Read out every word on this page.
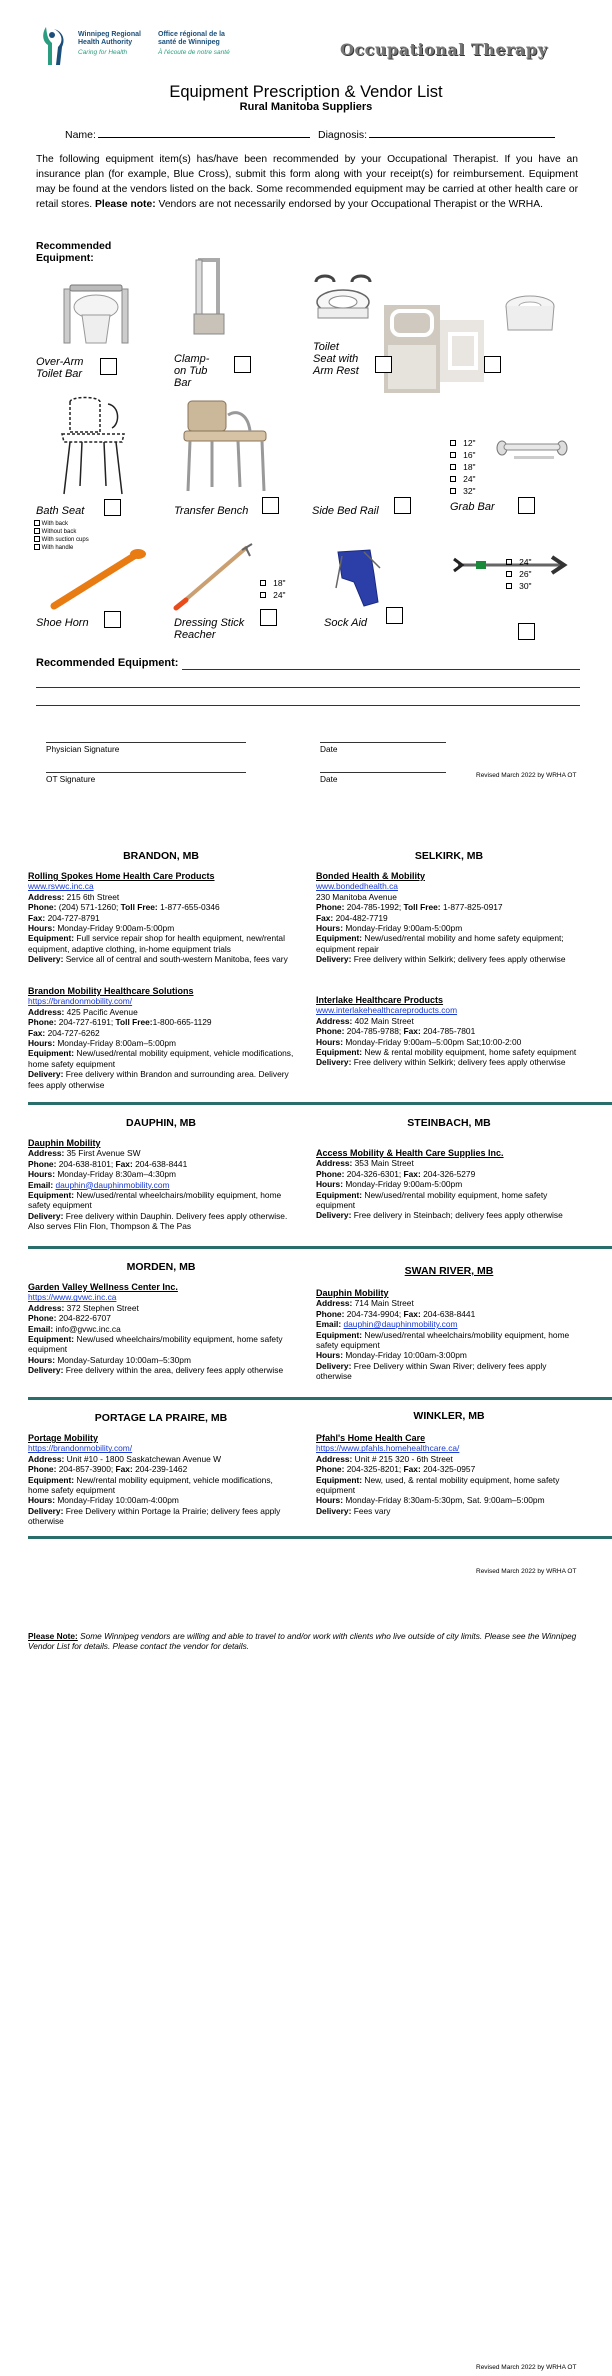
Winnipeg Regional
Health Authority
Office régional de la
santé de Winnipeg
Caring for Health	À l'écoute de notre santé	Occupational Therapy
Equipment Prescription & Vendor List
Rural Manitoba Suppliers
Name:	Diagnosis:
The following equipment item(s) has/have been recommended by your Occupational Therapist. If you have an insurance plan (for example, Blue Cross), submit this form along with your receipt(s) for reimbursement. Equipment may be found at the vendors listed on the back. Some recommended equipment may be carried at other health care or retail stores. Please note: Vendors are not necessarily endorsed by your Occupational Therapist or the WRHA.
Recommended
Equipment:
Over-Arm
Toilet Bar
Clamp-
on Tub
Bar
Toilet
Seat with
Arm Rest
Bath Seat
With back
Without back
With suction cups
With handle
Transfer Bench	Side Bed Rail
12"
16"
18"
24"
32"
Grab Bar
Shoe Horn	Dressing Stick
Reacher
18"
24"
Sock Aid
24"
26"
30"
Recommended Equipment:
Physician Signature	Date
OT Signature	Date	Revised March 2022 by WRHA OT
BRANDON, MB	SELKIRK, MB
Rolling Spokes Home Health Care Products
www.rsvwc.inc.ca
Address: 215 6th Street
Phone: (204) 571-1260; Toll Free: 1-877-655-0346
Fax: 204-727-8791
Hours: Monday-Friday 9:00am-5:00pm
Equipment: Full service repair shop for health equipment, new/rental equipment, adaptive clothing, in-home equipment trials
Delivery: Service all of central and south-western Manitoba, fees vary
Brandon Mobility Healthcare Solutions
https://brandonmobility.com/
Address: 425 Pacific Avenue
Phone: 204-727-6191; Toll Free:1-800-665-1129
Fax: 204-727-6262
Hours: Monday-Friday 8:00am–5:00pm
Equipment: New/used/rental mobility equipment, vehicle modifications, home safety equipment
Delivery: Free delivery within Brandon and surrounding area. Delivery fees apply otherwise
Bonded Health & Mobility
www.bondedhealth.ca
230 Manitoba Avenue
Phone: 204-785-1992; Toll Free: 1-877-825-0917
Fax: 204-482-7719
Hours: Monday-Friday 9:00am-5:00pm
Equipment: New/used/rental mobility and home safety equipment; equipment repair
Delivery: Free delivery within Selkirk; delivery fees apply otherwise
Interlake Healthcare Products
www.interlakehealthcareproducts.com
Address: 402 Main Street
Phone: 204-785-9788; Fax: 204-785-7801
Hours: Monday-Friday 9:00am–5:00pm Sat;10:00-2:00
Equipment: New & rental mobility equipment, home safety equipment
Delivery: Free delivery within Selkirk; delivery fees apply otherwise
DAUPHIN, MB	STEINBACH, MB
Dauphin Mobility
Address: 35 First Avenue SW
Phone: 204-638-8101; Fax: 204-638-8441
Hours: Monday-Friday 8:30am–4:30pm
Email: dauphin@dauphinmobility.com
Equipment: New/used/rental wheelchairs/mobility equipment, home safety equipment
Delivery: Free delivery within Dauphin. Delivery fees apply otherwise. Also serves Flin Flon, Thompson & The Pas
Access Mobility & Health Care Supplies Inc.
Address: 353 Main Street
Phone: 204-326-6301; Fax: 204-326-5279
Hours: Monday-Friday 9:00am-5:00pm
Equipment: New/used/rental mobility equipment, home safety equipment
Delivery: Free delivery in Steinbach; delivery fees apply otherwise
MORDEN, MB	SWAN RIVER, MB
Garden Valley Wellness Center Inc.
https://www.gvwc.inc.ca
Address: 372 Stephen Street
Phone: 204-822-6707
Email: info@gvwc.inc.ca
Equipment: New/used wheelchairs/mobility equipment, home safety equipment
Hours: Monday-Saturday 10:00am–5:30pm
Delivery: Free delivery within the area, delivery fees apply otherwise
Dauphin Mobility
Address: 714 Main Street
Phone: 204-734-9904; Fax: 204-638-8441
Email: dauphin@dauphinmobility.com
Equipment: New/used/rental wheelchairs/mobility equipment, home safety equipment
Hours: Monday-Friday 10:00am-3:00pm
Delivery: Free Delivery within Swan River; delivery fees apply otherwise
PORTAGE LA PRAIRE, MB	WINKLER, MB
Portage Mobility
https://brandonmobility.com/
Address: Unit #10 - 1800 Saskatchewan Avenue W
Phone: 204-857-3900; Fax: 204-239-1462
Equipment: New/rental mobility equipment, vehicle modifications, home safety equipment
Hours: Monday-Friday 10:00am-4:00pm
Delivery: Free Delivery within Portage la Prairie; delivery fees apply otherwise
Pfahl's Home Health Care
https://www.pfahls.homehealthcare.ca/
Address: Unit # 215 320 - 6th Street
Phone: 204-325-8201; Fax: 204-325-0957
Equipment: New, used, & rental mobility equipment, home safety equipment
Hours: Monday-Friday 8:30am-5:30pm, Sat. 9:00am–5:00pm
Delivery: Fees vary
Revised March 2022 by WRHA OT
Please Note: Some Winnipeg vendors are willing and able to travel to and/or work with clients who live outside of city limits. Please see the Winnipeg Vendor List for details. Please contact the vendor for details.
Revised March 2022 by WRHA OT
